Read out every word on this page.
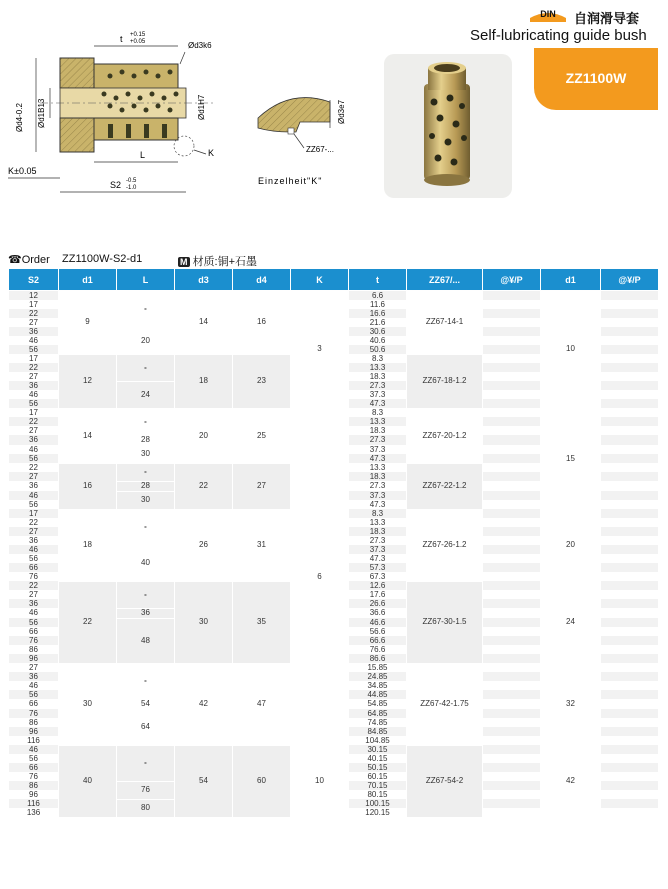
DIN 自润滑导套
Self-lubricating guide bush
ZZ1100W
t +0.15
+0.05	Ød3k6
Ød4-0.2 Ød1B13	Ød1H7
L	K
K±0.05
S2 -0.5
-1.0
Ød3e7
ZZ67-...
Einzelheit"K"
☎Order ZZ1100W-S2-d1	M 材质:铜+石墨
S2	d1	L	d3	d4	K	t	ZZ67/...	@¥/P	d1	@¥/P
12	9	-	14	16	3	6.6	ZZ67-14-1		10	
17						11.6				
22						16.6				
27						21.6				
36		20				30.6				
46						40.6				
56						50.6				
17	12	-	18	23		8.3	ZZ67-18-1.2			
22						13.3				
27						18.3				
36		24				27.3				
46						37.3				
56						47.3				
17	14	-	20	25	6	8.3	ZZ67-20-1.2		15	
22						13.3				
27						18.3				
36		28				27.3				
46		30				37.3				
56						47.3				
22	16	-	22	27		13.3	ZZ67-22-1.2			
27						18.3				
36		28				27.3				
46		30				37.3				
56						47.3				
17	18	-	26	31		8.3	ZZ67-26-1.2		20	
22						13.3				
27						18.3				
36						27.3				
46		40				37.3				
56						47.3				
66						57.3				
76						67.3				
22	22	-	30	35		12.6	ZZ67-30-1.5		24	
27						17.6				
36						26.6				
46		36				36.6				
56		48				46.6				
66						56.6				
76						66.6				
86						76.6				
96						86.6				
27	30	-	42	47		15.85	ZZ67-42-1.75		32	
36						24.85				
46						34.85				
56						44.85				
66		54				54.85				
76		64				64.85				
86						74.85				
96						84.85				
116						104.85				
46	40	-	54	60	10	30.15	ZZ67-54-2		42	
56						40.15				
66						50.15				
76						60.15				
86		76				70.15				
96						80.15				
116		80				100.15				
136						120.15				
